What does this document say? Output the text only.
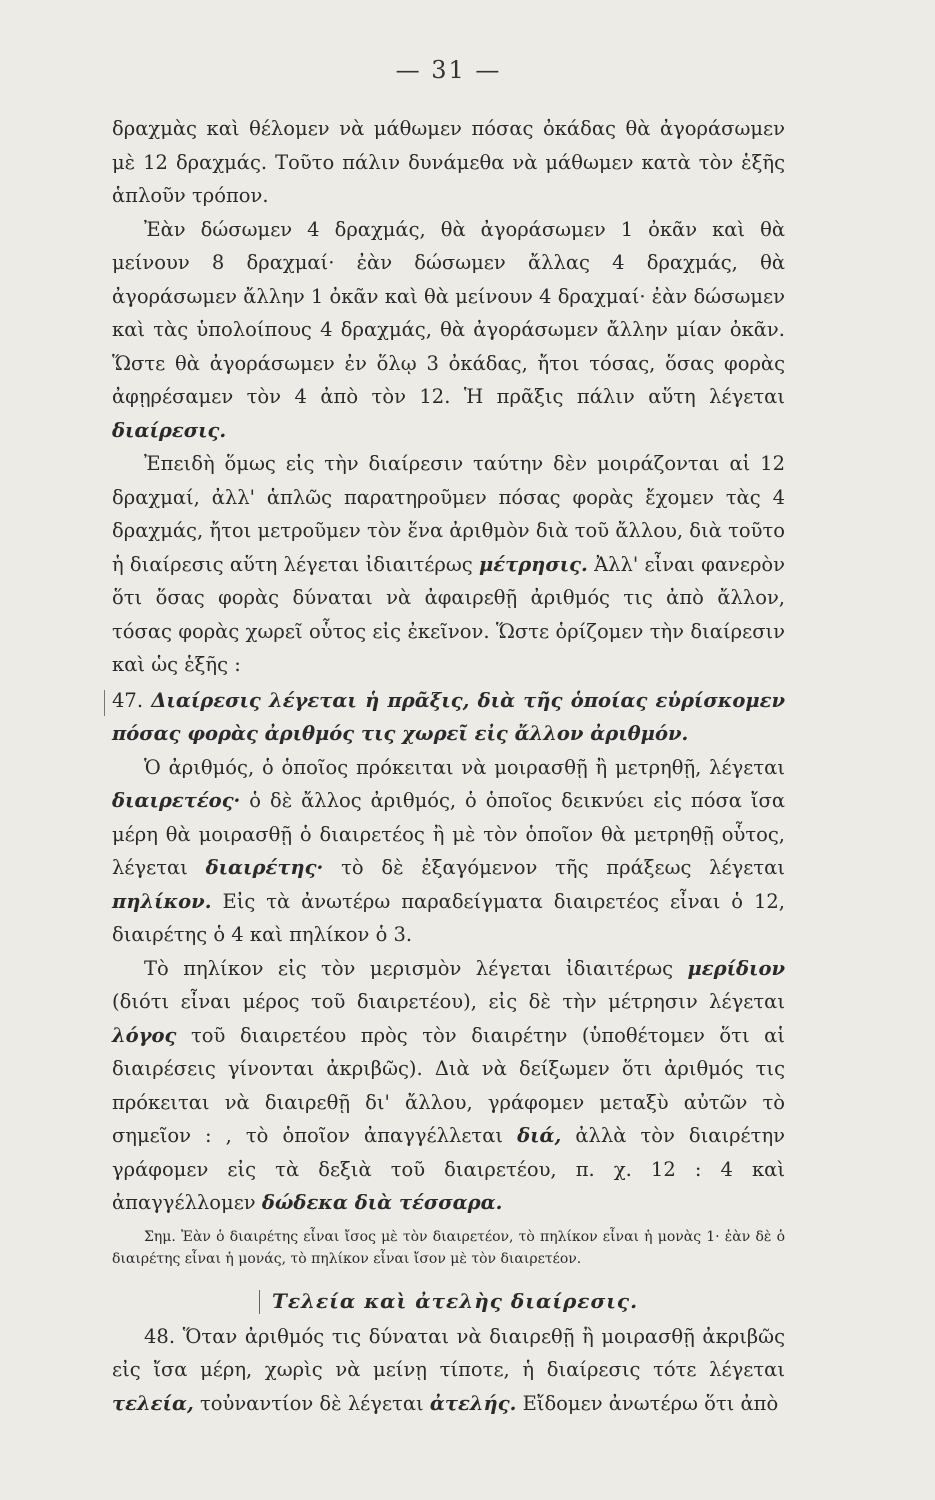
— 31 —

δραχμὰς καὶ θέλομεν νὰ μάθωμεν πόσας ὀκάδας θὰ ἀγοράσωμεν μὲ 12 δραχμάς. Τοῦτο πάλιν δυνάμεθα νὰ μάθωμεν κατὰ τὸν ἑξῆς ἁπλοῦν τρόπον.

Ἐὰν δώσωμεν 4 δραχμάς, θὰ ἀγοράσωμεν 1 ὀκᾶν καὶ θὰ μείνουν 8 δραχμαί· ἐὰν δώσωμεν ἄλλας 4 δραχμάς, θὰ ἀγοράσωμεν ἄλλην 1 ὀκᾶν καὶ θὰ μείνουν 4 δραχμαί· ἐὰν δώσωμεν καὶ τὰς ὑπολοίπους 4 δραχμάς, θὰ ἀγοράσωμεν ἄλλην μίαν ὀκᾶν. Ὥστε θὰ ἀγοράσωμεν ἐν ὅλῳ 3 ὀκάδας, ἤτοι τόσας, ὅσας φορὰς ἀφῃρέσαμεν τὸν 4 ἀπὸ τὸν 12. Ἡ πρᾶξις πάλιν αὕτη λέγεται διαίρεσις.

Ἐπειδὴ ὅμως εἰς τὴν διαίρεσιν ταύτην δὲν μοιράζονται αἱ 12 δραχμαί, ἀλλ' ἁπλῶς παρατηροῦμεν πόσας φορὰς ἔχομεν τὰς 4 δραχμάς, ἤτοι μετροῦμεν τὸν ἕνα ἀριθμὸν διὰ τοῦ ἄλλου, διὰ τοῦτο ἡ διαίρεσις αὕτη λέγεται ἰδιαιτέρως μέτρησις. Ἀλλ' εἶναι φανερὸν ὅτι ὅσας φορὰς δύναται νὰ ἀφαιρεθῇ ἀριθμός τις ἀπὸ ἄλλον, τόσας φορὰς χωρεῖ οὗτος εἰς ἐκεῖνον. Ὥστε ὁρίζομεν τὴν διαίρεσιν καὶ ὡς ἑξῆς :

47. Διαίρεσις λέγεται ἡ πρᾶξις, διὰ τῆς ὁποίας εὑρίσκομεν πόσας φορὰς ἀριθμός τις χωρεῖ εἰς ἄλλον ἀριθμόν.

Ὁ ἀριθμός, ὁ ὁποῖος πρόκειται νὰ μοιρασθῇ ἢ μετρηθῇ, λέγεται διαιρετέος· ὁ δὲ ἄλλος ἀριθμός, ὁ ὁποῖος δεικνύει εἰς πόσα ἴσα μέρη θὰ μοιρασθῇ ὁ διαιρετέος ἢ μὲ τὸν ὁποῖον θὰ μετρηθῇ οὗτος, λέγεται διαιρέτης· τὸ δὲ ἐξαγόμενον τῆς πράξεως λέγεται πηλίκον. Εἰς τὰ ἀνωτέρω παραδείγματα διαιρετέος εἶναι ὁ 12, διαιρέτης ὁ 4 καὶ πηλίκον ὁ 3.

Τὸ πηλίκον εἰς τὸν μερισμὸν λέγεται ἰδιαιτέρως μερίδιον (διότι εἶναι μέρος τοῦ διαιρετέου), εἰς δὲ τὴν μέτρησιν λέγεται λόγος τοῦ διαιρετέου πρὸς τὸν διαιρέτην (ὑποθέτομεν ὅτι αἱ διαιρέσεις γίνονται ἀκριβῶς). Διὰ νὰ δείξωμεν ὅτι ἀριθμός τις πρόκειται νὰ διαιρεθῇ δι' ἄλλου, γράφομεν μεταξὺ αὐτῶν τὸ σημεῖον : , τὸ ὁποῖον ἀπαγγέλλεται διά, ἀλλὰ τὸν διαιρέτην γράφομεν εἰς τὰ δεξιὰ τοῦ διαιρετέου, π. χ. 12 : 4 καὶ ἀπαγγέλλομεν δώδεκα διὰ τέσσαρα.

Σημ. Ἐὰν ὁ διαιρέτης εἶναι ἴσος μὲ τὸν διαιρετέον, τὸ πηλίκον εἶναι ἡ μονὰς 1· ἐὰν δὲ ὁ διαιρέτης εἶναι ἡ μονάς, τὸ πηλίκον εἶναι ἴσον μὲ τὸν διαιρετέον.

Τελεία καὶ ἀτελὴς διαίρεσις.

48. Ὅταν ἀριθμός τις δύναται νὰ διαιρεθῇ ἢ μοιρασθῇ ἀκριβῶς εἰς ἴσα μέρη, χωρὶς νὰ μείνῃ τίποτε, ἡ διαίρεσις τότε λέγεται τελεία, τοὐναντίον δὲ λέγεται ἀτελής. Εἴδομεν ἀνωτέρω ὅτι ἀπὸ
